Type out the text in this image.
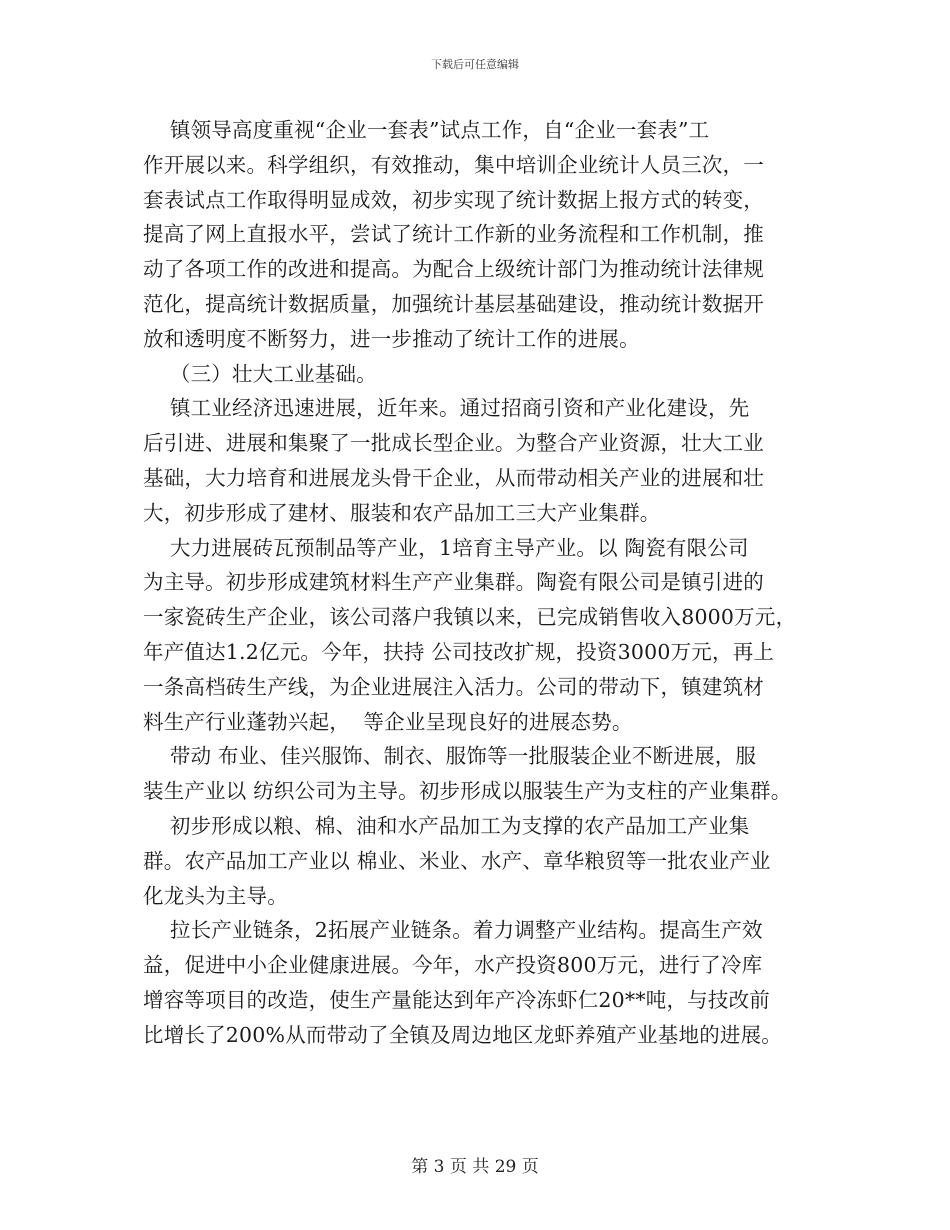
下载后可任意编辑
镇领导高度重视“企业一套表”试点工作，自“企业一套表”工
作开展以来。科学组织，有效推动，集中培训企业统计人员三次，一
套表试点工作取得明显成效，初步实现了统计数据上报方式的转变，
提高了网上直报水平，尝试了统计工作新的业务流程和工作机制，推
动了各项工作的改进和提高。为配合上级统计部门为推动统计法律规
范化，提高统计数据质量，加强统计基层基础建设，推动统计数据开
放和透明度不断努力，进一步推动了统计工作的进展。
（三）壮大工业基础。
镇工业经济迅速进展，近年来。通过招商引资和产业化建设，先
后引进、进展和集聚了一批成长型企业。为整合产业资源，壮大工业
基础，大力培育和进展龙头骨干企业，从而带动相关产业的进展和壮
大，初步形成了建材、服装和农产品加工三大产业集群。
大力进展砖瓦预制品等产业，1培育主导产业。以 陶瓷有限公司
为主导。初步形成建筑材料生产产业集群。陶瓷有限公司是镇引进的
一家瓷砖生产企业，该公司落户我镇以来，已完成销售收入8000万元，
年产值达1.2亿元。今年，扶持 公司技改扩规，投资3000万元，再上
一条高档砖生产线，为企业进展注入活力。公司的带动下，镇建筑材
料生产行业蓬勃兴起，  等企业呈现良好的进展态势。
带动 布业、佳兴服饰、制衣、服饰等一批服装企业不断进展，服
装生产业以 纺织公司为主导。初步形成以服装生产为支柱的产业集群。
初步形成以粮、棉、油和水产品加工为支撑的农产品加工产业集
群。农产品加工产业以 棉业、米业、水产、章华粮贸等一批农业产业
化龙头为主导。
拉长产业链条，2拓展产业链条。着力调整产业结构。提高生产效
益，促进中小企业健康进展。今年，水产投资800万元，进行了冷库
增容等项目的改造，使生产量能达到年产冷冻虾仁20**吨，与技改前
比增长了200%从而带动了全镇及周边地区龙虾养殖产业基地的进展。
第 3 页 共 29 页
